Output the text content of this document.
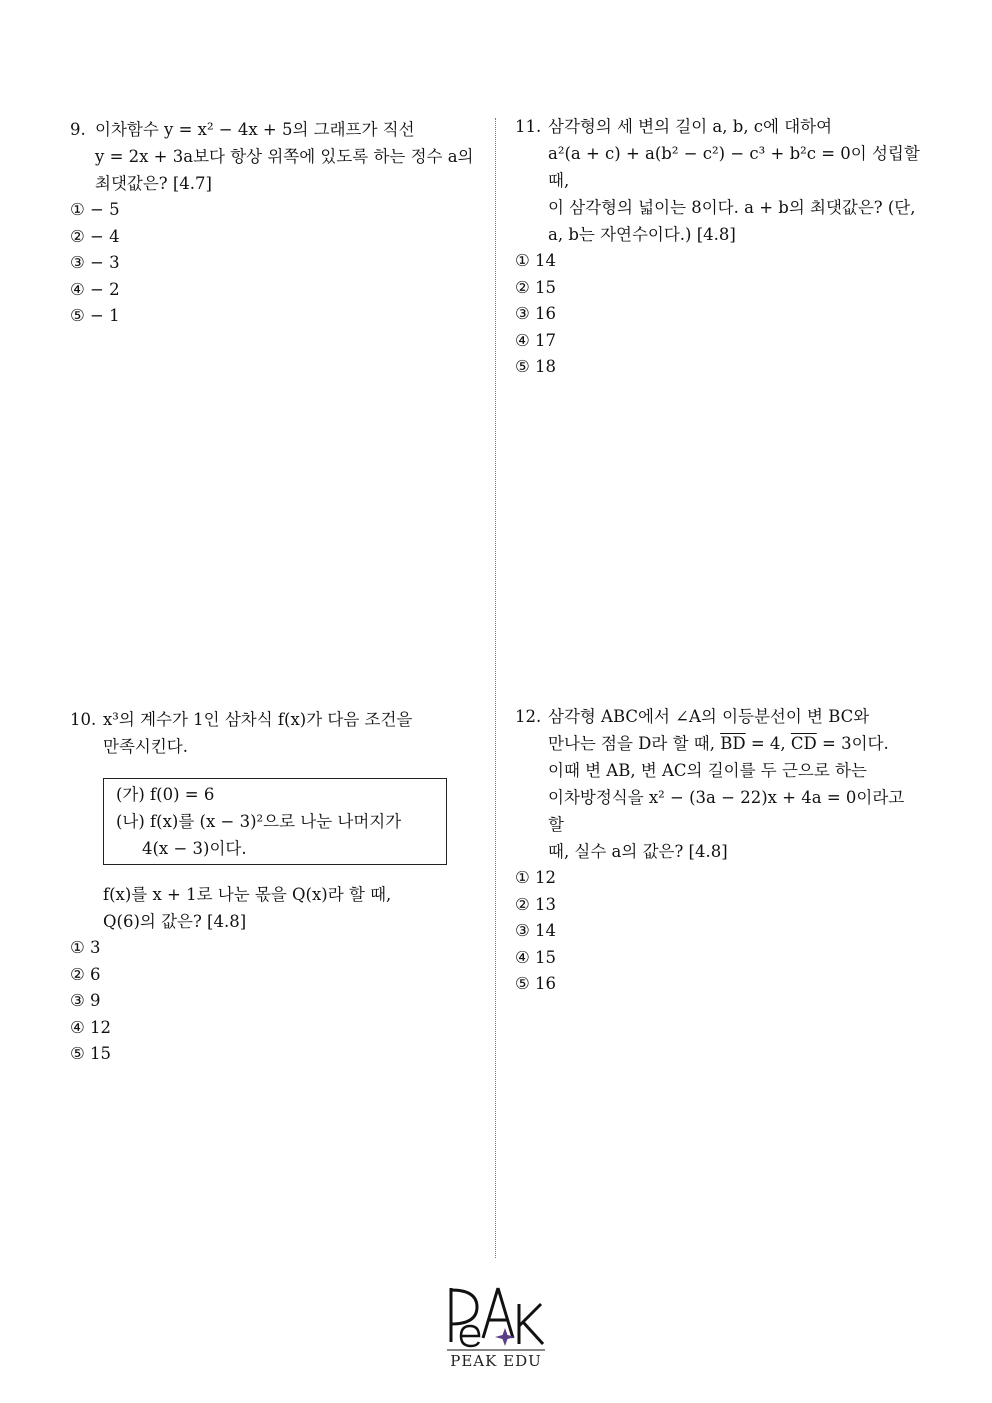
9. 이차함수 y = x² − 4x + 5의 그래프가 직선
y = 2x + 3a보다 항상 위쪽에 있도록 하는 정수 a의
최댓값은? [4.7]
① − 5
② − 4
③ − 3
④ − 2
⑤ − 1
11. 삼각형의 세 변의 길이 a, b, c에 대하여
a²(a + c) + a(b² − c²) − c³ + b²c = 0이 성립할 때,
이 삼각형의 넓이는 8이다. a + b의 최댓값은? (단,
a, b는 자연수이다.) [4.8]
① 14
② 15
③ 16
④ 17
⑤ 18
10. x³의 계수가 1인 삼차식 f(x)가 다음 조건을
만족시킨다.
(가) f(0) = 6
(나) f(x)를 (x − 3)²으로 나눈 나머지가
4(x − 3)이다.
f(x)를 x + 1로 나눈 몫을 Q(x)라 할 때,
Q(6)의 값은? [4.8]
① 3
② 6
③ 9
④ 12
⑤ 15
12. 삼각형 ABC에서 ∠A의 이등분선이 변 BC와
만나는 점을 D라 할 때, $\overline{BD} = 4$, $\overline{CD} = 3$이다.
이때 변 AB, 변 AC의 길이를 두 근으로 하는
이차방정식을 x² − (3a − 22)x + 4a = 0이라고 할
때, 실수 a의 값은? [4.8]
① 12
② 13
③ 14
④ 15
⑤ 16
PEAK EDU
